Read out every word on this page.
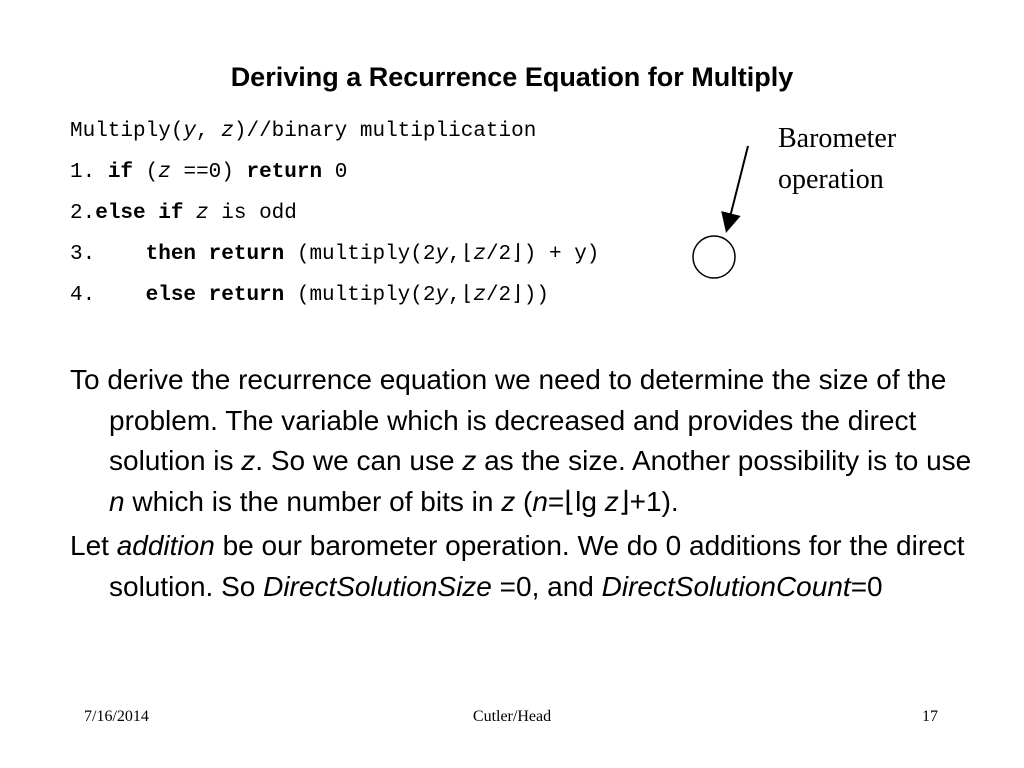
Deriving a Recurrence Equation for Multiply
Multiply(y, z)//binary multiplication
1. if (z ==0) return 0
2.else if z is odd
3.    then return (multiply(2y,⌊z/2⌋) + y)
4.    else return (multiply(2y,⌊z/2⌋))
Barometer
operation

To derive the recurrence equation we need to determine the size of the problem. The variable which is decreased and provides the direct solution is z. So we can use z as the size. Another possibility is to use n which is the number of bits in z (n=⌊lg z⌋+1).

Let addition be our barometer operation. We do 0 additions for the direct solution. So DirectSolutionSize =0, and DirectSolutionCount=0

7/16/2014	Cutler/Head	17
